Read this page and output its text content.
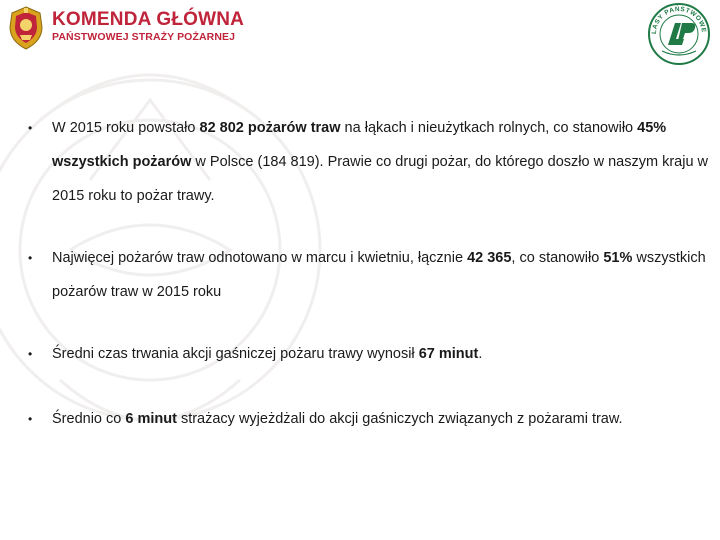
KOMENDA GŁÓWNA
PAŃSTWOWEJ STRAŻY POŻARNEJ	LASY PAŃSTWOWE
•	W 2015 roku powstało 82 802 pożarów traw na łąkach i nieużytkach rolnych, co stanowiło 45% wszystkich pożarów w Polsce (184 819). Prawie co drugi pożar, do którego doszło w naszym kraju w 2015 roku to pożar trawy.
•	Najwięcej pożarów traw odnotowano w marcu i kwietniu, łącznie 42 365, co stanowiło 51% wszystkich pożarów traw w 2015 roku
•	Średni czas trwania akcji gaśniczej pożaru trawy wynosił 67 minut.
•	Średnio co 6 minut strażacy wyjeżdżali do akcji gaśniczych związanych z pożarami traw.
